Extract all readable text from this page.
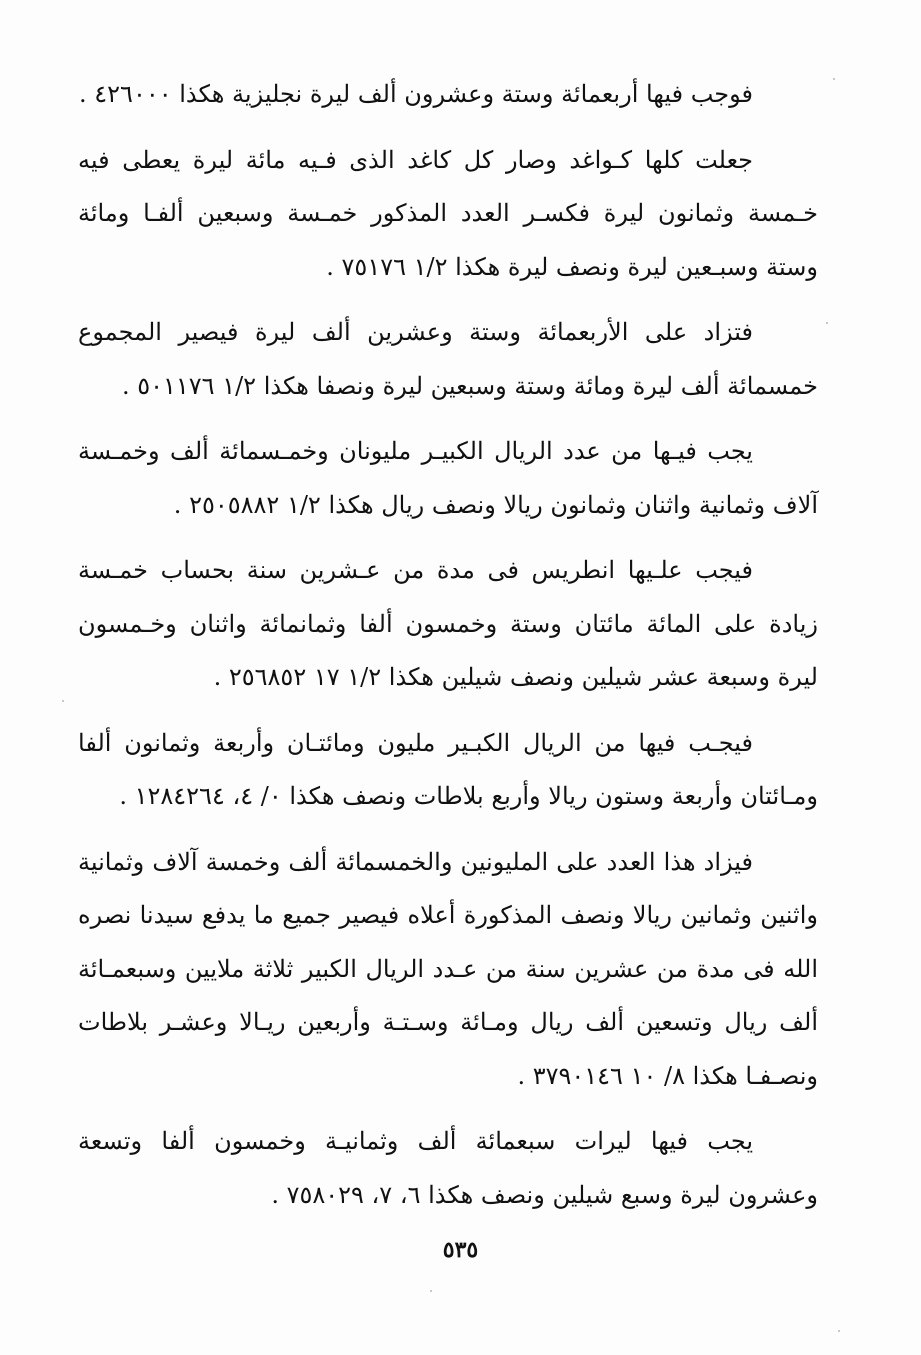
فوجب فيها أربعمائة وستة وعشرون ألف ليرة نجليزية هكذا ٤٢٦٠٠٠ .

جعلت كلها كـواغد وصار كل كاغد الذى فـيه مائة ليرة يعطى فيه خـمسة وثمانون ليرة فكسـر العدد المذكور خمـسة وسبعين ألفـا ومائة وستة وسبـعين ليرة ونصف ليرة هكذا ١/٢ ٧٥١٧٦ .

فتزاد على الأربعمائة وستة وعشرين ألف ليرة فيصير المجموع خمسمائة ألف ليرة ومائة وستة وسبعين ليرة ونصفا هكذا ١/٢ ٥٠١١٧٦ .

يجب فيـها من عدد الريال الكبيـر مليونان وخمـسمائة ألف وخمـسة آلاف وثمانية واثنان وثمانون ريالا ونصف ريال هكذا ١/٢ ٢٥٠٥٨٨٢ .

فيجب علـيها انطريس فى مدة من عـشرين سنة بحساب خمـسة زيادة على المائة مائتان وستة وخمسون ألفا وثمانمائة واثنان وخـمسون ليرة وسبعة عشر شيلين ونصف شيلين هكذا ١/٢ ١٧ ٢٥٦٨٥٢ .

فيجـب فيها من الريال الكبـير مليون ومائتـان وأربعة وثمانون ألفا ومـائتان وأربعة وستون ريالا وأربع بلاطات ونصف هكذا ٠/ ٤، ١٢٨٤٢٦٤ .

فيزاد هذا العدد على المليونين والخمسمائة ألف وخمسة آلاف وثمانية واثنين وثمانين ريالا ونصف المذكورة أعلاه فيصير جميع ما يدفع سيدنا نصره الله فى مدة من عشرين سنة من عـدد الريال الكبير ثلاثة ملايين وسبعمـائة ألف ريال وتسعين ألف ريال ومـائة وسـتـة وأربعين ريـالا وعشـر بلاطات ونصـفـا هكذا ٨/ ١٠ ٣٧٩٠١٤٦ .

يجب فيها ليرات سبعمائة ألف وثمانيـة وخمسون ألفا وتسعة وعشرون ليرة وسبع شيلين ونصف هكذا ٦، ٧، ٧٥٨٠٢٩ .

٥٣٥
